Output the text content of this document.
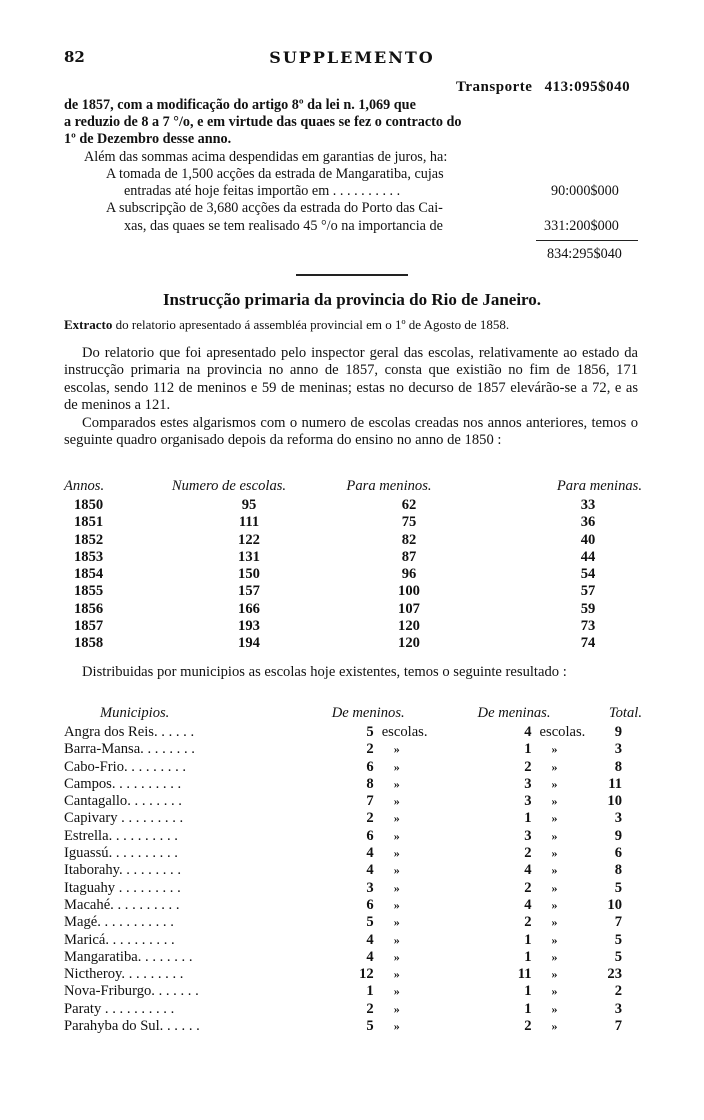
82	SUPPLEMENTO
Transporte 413:095$040
de 1857, com a modificação do artigo 8º da lei n. 1,069 que
a reduzio de 8 a 7 °/o, e em virtude das quaes se fez o contracto do
1º de Dezembro desse anno.
Além das sommas acima despendidas em garantias de juros, ha:
A tomada de 1,500 acções da estrada de Mangaratiba, cujas
entradas até hoje feitas importão em . . . . . . . . . .	90:000$000
A subscripção de 3,680 acções da estrada do Porto das Cai-
xas, das quaes se tem realisado 45 °/o na importancia de	331:200$000
834:295$040
Instrucção primaria da provincia do Rio de Janeiro.
Extracto do relatorio apresentado á assembléa provincial em o 1º de Agosto de 1858.
Do relatorio que foi apresentado pelo inspector geral das escolas, relativamente ao estado da instrucção primaria na provincia no anno de 1857, consta que existião no fim de 1856, 171 escolas, sendo 112 de meninos e 59 de meninas; estas no decurso de 1857 elevárão-se a 72, e as de meninos a 121.
Comparados estes algarismos com o numero de escolas creadas nos annos anteriores, temos o seguinte quadro organisado depois da reforma do ensino no anno de 1850 :
Annos.	Numero de escolas.	Para meninos.	Para meninas.
1850	95	62	33
1851	111	75	36
1852	122	82	40
1853	131	87	44
1854	150	96	54
1855	157	100	57
1856	166	107	59
1857	193	120	73
1858	194	120	74
Distribuidas por municipios as escolas hoje existentes, temos o seguinte resultado :
Municipios.	De meninos.	De meninas.	Total.
Angra dos Reis. . . . . .	5 escolas.	4 escolas.	9
Barra-Mansa. . . . . . . .	2 »	1 »	3
Cabo-Frio. . . . . . . . .	6 »	2 »	8
Campos. . . . . . . . . .	8 »	3 »	11
Cantagallo. . . . . . . .	7 »	3 »	10
Capivary . . . . . . . . .	2 »	1 »	3
Estrella. . . . . . . . . .	6 »	3 »	9
Iguassú. . . . . . . . . .	4 »	2 »	6
Itaborahy. . . . . . . . .	4 »	4 »	8
Itaguahy . . . . . . . . .	3 »	2 »	5
Macahé. . . . . . . . . .	6 »	4 »	10
Magé. . . . . . . . . . .	5 »	2 »	7
Maricá. . . . . . . . . .	4 »	1 »	5
Mangaratiba. . . . . . . .	4 »	1 »	5
Nictheroy. . . . . . . . .	12 »	11 »	23
Nova-Friburgo. . . . . . .	1 »	1 »	2
Paraty . . . . . . . . . .	2 »	1 »	3
Parahyba do Sul. . . . . .	5 »	2 »	7
